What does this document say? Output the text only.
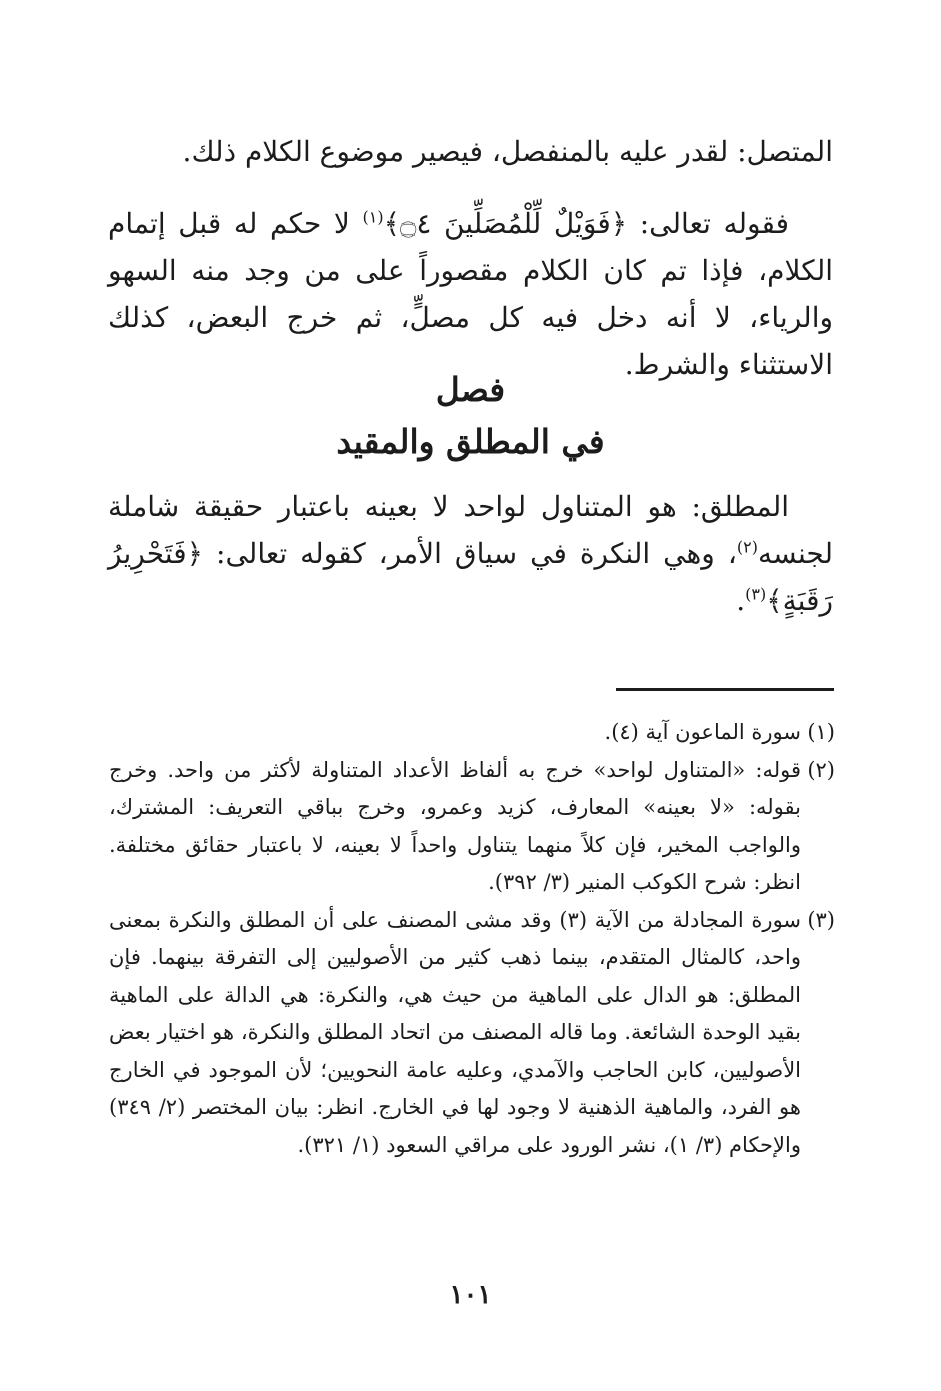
المتصل: لقدر عليه بالمنفصل، فيصير موضوع الكلام ذلك.

فقوله تعالى: ﴿فَوَيْلٌ لِّلْمُصَلِّينَ ۝٤﴾$^{(١)}$ لا حكم له قبل إتمام الكلام، فإذا تم كان الكلام مقصوراً على من وجد منه السهو والرياء، لا أنه دخل فيه كل مصلٍّ، ثم خرج البعض، كذلك الاستثناء والشرط.

فصل
في المطلق والمقيد

المطلق: هو المتناول لواحد لا بعينه باعتبار حقيقة شاملة لجنسه$^{(٢)}$، وهي النكرة في سياق الأمر، كقوله تعالى: ﴿فَتَحْرِيرُ رَقَبَةٍ﴾$^{(٣)}$.

(١)
سورة الماعون آية (٤).
(٢)
قوله: «المتناول لواحد» خرج به ألفاظ الأعداد المتناولة لأكثر من واحد. وخرج بقوله: «لا بعينه» المعارف، كزيد وعمرو، وخرج بباقي التعريف: المشترك، والواجب المخير، فإن كلاً منهما يتناول واحداً لا بعينه، لا باعتبار حقائق مختلفة. انظر: شرح الكوكب المنير (٣/ ٣٩٢).
(٣)
سورة المجادلة من الآية (٣) وقد مشى المصنف على أن المطلق والنكرة بمعنى واحد، كالمثال المتقدم، بينما ذهب كثير من الأصوليين إلى التفرقة بينهما. فإن المطلق: هو الدال على الماهية من حيث هي، والنكرة: هي الدالة على الماهية بقيد الوحدة الشائعة. وما قاله المصنف من اتحاد المطلق والنكرة، هو اختيار بعض الأصوليين، كابن الحاجب والآمدي، وعليه عامة النحويين؛ لأن الموجود في الخارج هو الفرد، والماهية الذهنية لا وجود لها في الخارج. انظر: بيان المختصر (٢/ ٣٤٩) والإحكام (٣/ ١)، نشر الورود على مراقي السعود (١/ ٣٢١).
١٠١
